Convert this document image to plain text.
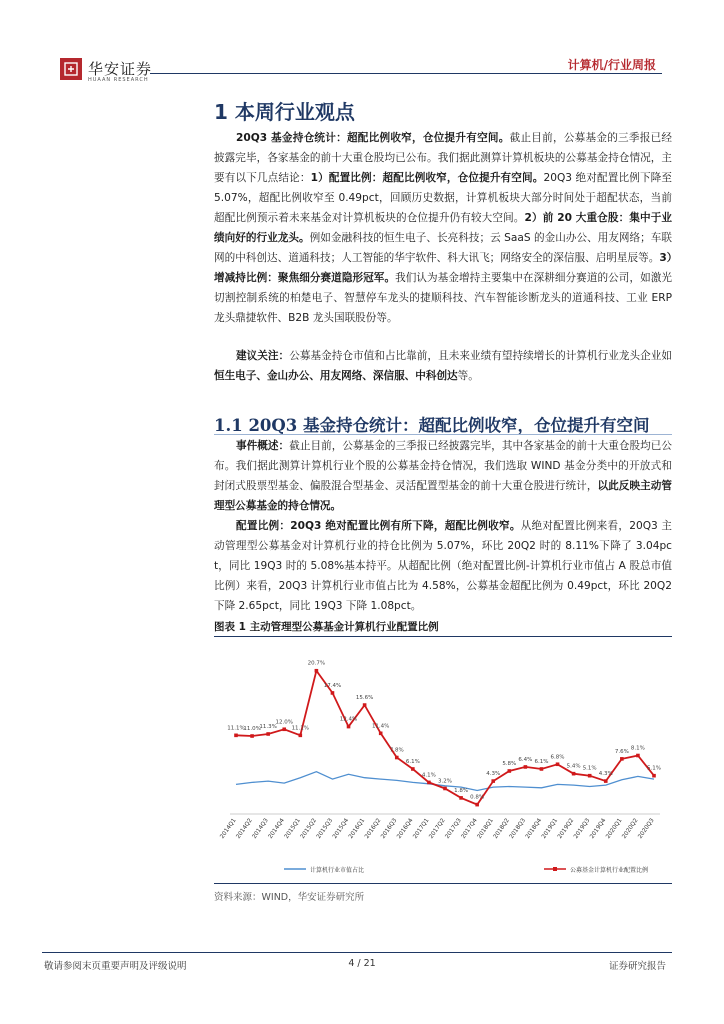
华安证券
HUAAN RESEARCH
计算机/行业周报
1 本周行业观点
20Q3 基金持仓统计：超配比例收窄，仓位提升有空间。截止目前，公募基金的三季报已经披露完毕，各家基金的前十大重仓股均已公布。我们据此测算计算机板块的公募基金持仓情况，主要有以下几点结论：1）配置比例：超配比例收窄，仓位提升有空间。20Q3 绝对配置比例下降至 5.07%，超配比例收窄至 0.49pct，回顾历史数据，计算机板块大部分时间处于超配状态，当前超配比例预示着未来基金对计算机板块的仓位提升仍有较大空间。2）前 20 大重仓股：集中于业绩向好的行业龙头。例如金融科技的恒生电子、长亮科技；云 SaaS 的金山办公、用友网络；车联网的中科创达、道通科技；人工智能的华宇软件、科大讯飞；网络安全的深信服、启明星辰等。3）增减持比例：聚焦细分赛道隐形冠军。我们认为基金增持主要集中在深耕细分赛道的公司，如激光切割控制系统的柏楚电子、智慧停车龙头的捷顺科技、汽车智能诊断龙头的道通科技、工业 ERP 龙头鼎捷软件、B2B 龙头国联股份等。
建议关注：公募基金持仓市值和占比靠前，且未来业绩有望持续增长的计算机行业龙头企业如恒生电子、金山办公、用友网络、深信服、中科创达等。
1.1 20Q3 基金持仓统计：超配比例收窄，仓位提升有空间
事件概述：截止目前，公募基金的三季报已经披露完毕，其中各家基金的前十大重仓股均已公布。我们据此测算计算机行业个股的公募基金持仓情况，我们选取 WIND 基金分类中的开放式和封闭式股票型基金、偏股混合型基金、灵活配置型基金的前十大重仓股进行统计，以此反映主动管理型公募基金的持仓情况。
配置比例：20Q3 绝对配置比例有所下降，超配比例收窄。从绝对配置比例来看，20Q3 主动管理型公募基金对计算机行业的持仓比例为 5.07%，环比 20Q2 时的 8.11%下降了 3.04pct，同比 19Q3 时的 5.08%基本持平。从超配比例（绝对配置比例-计算机行业市值占 A 股总市值比例）来看，20Q3 计算机行业市值占比为 4.58%，公募基金超配比例为 0.49pct，环比 20Q2 下降 2.65pct，同比 19Q3 下降 1.08pct。
图表 1 主动管理型公募基金计算机行业配置比例
11.1%
11.0%
11.3%
12.0%
11.1%
20.7%
17.4%
12.4%
15.6%
11.4%
7.8%
6.1%
4.1%
3.2%
1.8%
0.8%
4.3%
5.8%
6.4% 6.1%
6.8%
5.4% 5.1%
4.3%
7.6%
8.1%
5.1%
2014Q1
2014Q2
2014Q3
2014Q4
2015Q1
2015Q2
2015Q3
2015Q4
2016Q1
2016Q2
2016Q3
2016Q4
2017Q1
2017Q2
2017Q3
2017Q4
2018Q1
2018Q2
2018Q3
2018Q4
2019Q1
2019Q2
2019Q3
2019Q4
2020Q1
2020Q2
2020Q3
计算机行业市值占比	公募基金计算机行业配置比例
资料来源：WIND，华安证券研究所
敬请参阅末页重要声明及评级说明	4 / 21	证券研究报告
